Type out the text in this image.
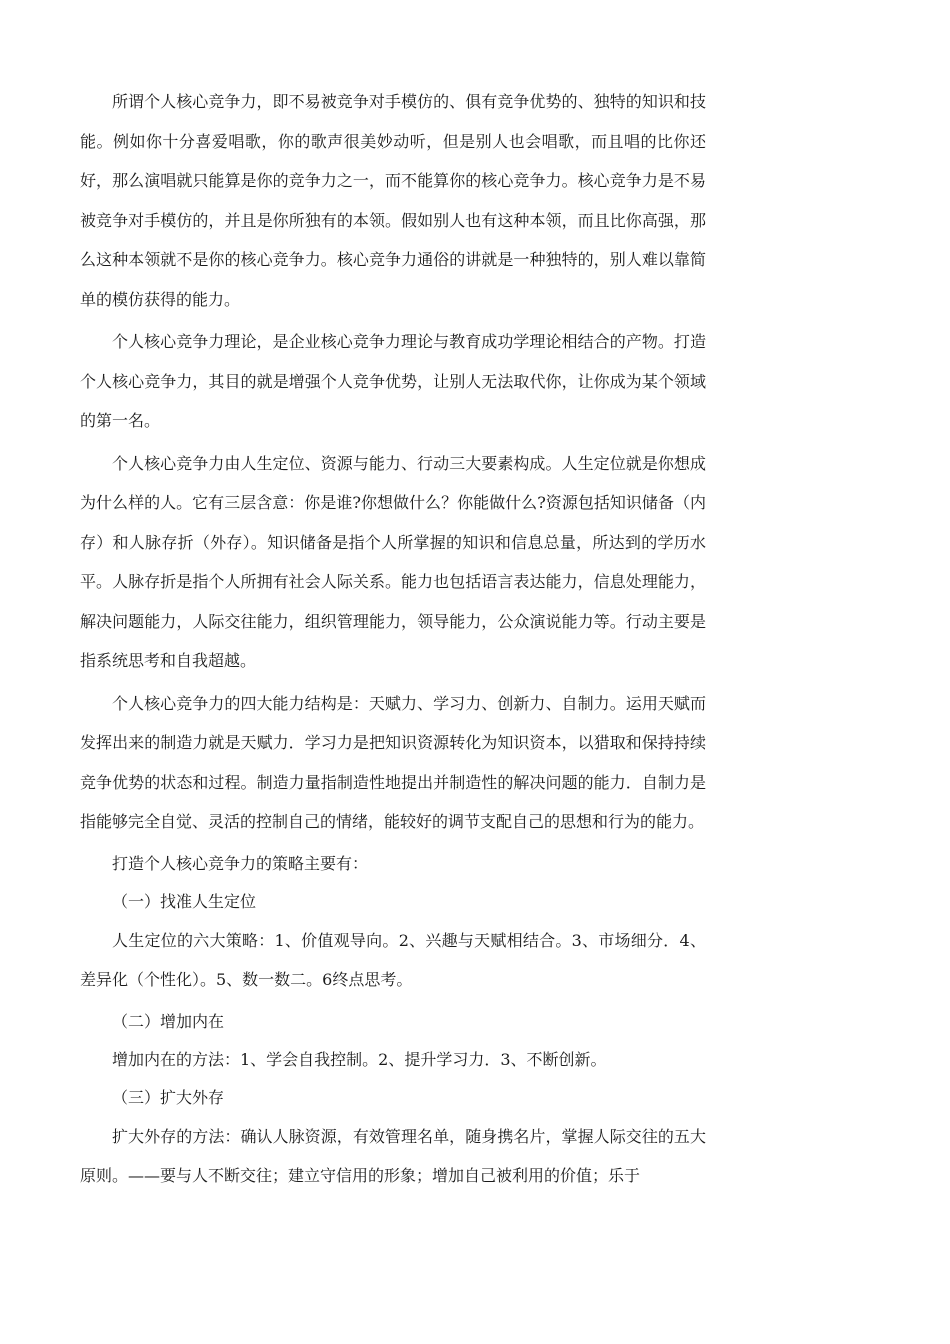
所谓个人核心竞争力，即不易被竞争对手模仿的、俱有竞争优势的、独特的知识和技能。例如你十分喜爱唱歌，你的歌声很美妙动听，但是别人也会唱歌，而且唱的比你还好，那么演唱就只能算是你的竞争力之一，而不能算你的核心竞争力。核心竞争力是不易被竞争对手模仿的，并且是你所独有的本领。假如别人也有这种本领，而且比你高强，那么这种本领就不是你的核心竞争力。核心竞争力通俗的讲就是一种独特的，别人难以靠简单的模仿获得的能力。

个人核心竞争力理论，是企业核心竞争力理论与教育成功学理论相结合的产物。打造个人核心竞争力，其目的就是增强个人竞争优势，让别人无法取代你，让你成为某个领域的第一名。

个人核心竞争力由人生定位、资源与能力、行动三大要素构成。人生定位就是你想成为什么样的人。它有三层含意：你是谁?你想做什么？你能做什么?资源包括知识储备（内存）和人脉存折（外存）。知识储备是指个人所掌握的知识和信息总量，所达到的学历水平。人脉存折是指个人所拥有社会人际关系。能力也包括语言表达能力，信息处理能力，解决问题能力，人际交往能力，组织管理能力，领导能力，公众演说能力等。行动主要是指系统思考和自我超越。

个人核心竞争力的四大能力结构是：天赋力、学习力、创新力、自制力。运用天赋而发挥出来的制造力就是天赋力．学习力是把知识资源转化为知识资本，以猎取和保持持续竞争优势的状态和过程。制造力量指制造性地提出并制造性的解决问题的能力．自制力是指能够完全自觉、灵活的控制自己的情绪，能较好的调节支配自己的思想和行为的能力。

打造个人核心竞争力的策略主要有：

（一）找准人生定位

人生定位的六大策略：1、价值观导向。2、兴趣与天赋相结合。3、市场细分．4、差异化（个性化）。5、数一数二。6终点思考。

（二）增加内在

增加内在的方法：1、学会自我控制。2、提升学习力．3、不断创新。

（三）扩大外存

扩大外存的方法：确认人脉资源，有效管理名单，随身携名片，掌握人际交往的五大原则。——要与人不断交往；建立守信用的形象；增加自己被利用的价值；乐于
